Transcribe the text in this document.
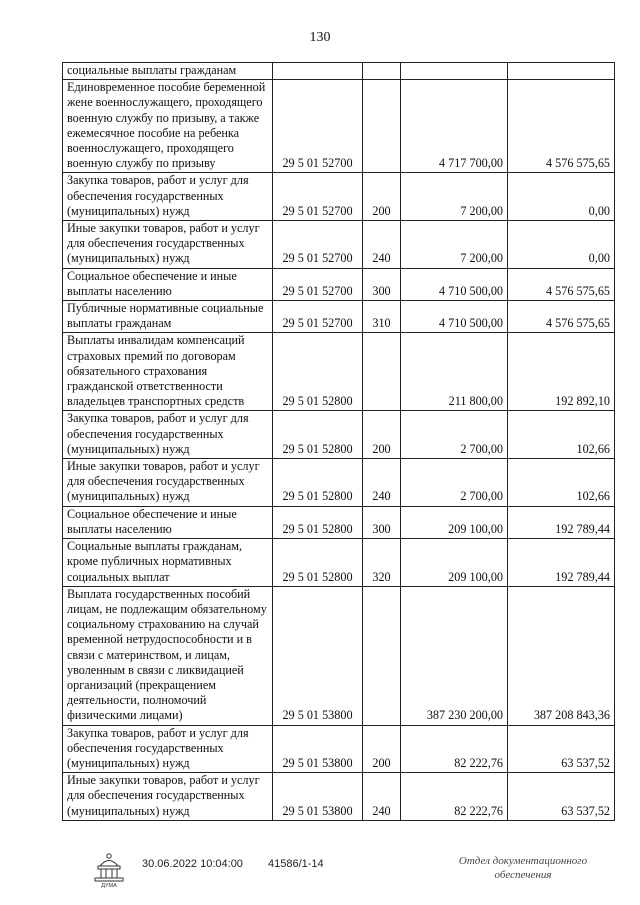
130
социальные выплаты гражданам				
Единовременное пособие беременной жене военнослужащего, проходящего военную службу по призыву, а также ежемесячное пособие на ребенка военнослужащего, проходящего военную службу по призыву	29 5 01 52700		4 717 700,00	4 576 575,65
Закупка товаров, работ и услуг для обеспечения государственных (муниципальных) нужд	29 5 01 52700	200	7 200,00	0,00
Иные закупки товаров, работ и услуг для обеспечения государственных (муниципальных) нужд	29 5 01 52700	240	7 200,00	0,00
Социальное обеспечение и иные выплаты населению	29 5 01 52700	300	4 710 500,00	4 576 575,65
Публичные нормативные социальные выплаты гражданам	29 5 01 52700	310	4 710 500,00	4 576 575,65
Выплаты инвалидам компенсаций страховых премий по договорам обязательного страхования гражданской ответственности владельцев транспортных средств	29 5 01 52800		211 800,00	192 892,10
Закупка товаров, работ и услуг для обеспечения государственных (муниципальных) нужд	29 5 01 52800	200	2 700,00	102,66
Иные закупки товаров, работ и услуг для обеспечения государственных (муниципальных) нужд	29 5 01 52800	240	2 700,00	102,66
Социальное обеспечение и иные выплаты населению	29 5 01 52800	300	209 100,00	192 789,44
Социальные выплаты гражданам, кроме публичных нормативных социальных выплат	29 5 01 52800	320	209 100,00	192 789,44
Выплата государственных пособий лицам, не подлежащим обязательному социальному страхованию на случай временной нетрудоспособности и в связи с материнством, и лицам, уволенным в связи с ликвидацией организаций (прекращением деятельности, полномочий физическими лицами)	29 5 01 53800		387 230 200,00	387 208 843,36
Закупка товаров, работ и услуг для обеспечения государственных (муниципальных) нужд	29 5 01 53800	200	82 222,76	63 537,52
Иные закупки товаров, работ и услуг для обеспечения государственных (муниципальных) нужд	29 5 01 53800	240	82 222,76	63 537,52
ДУМА
30.06.2022 10:04:00 41586/1-14	Отдел документационного
обеспечения
